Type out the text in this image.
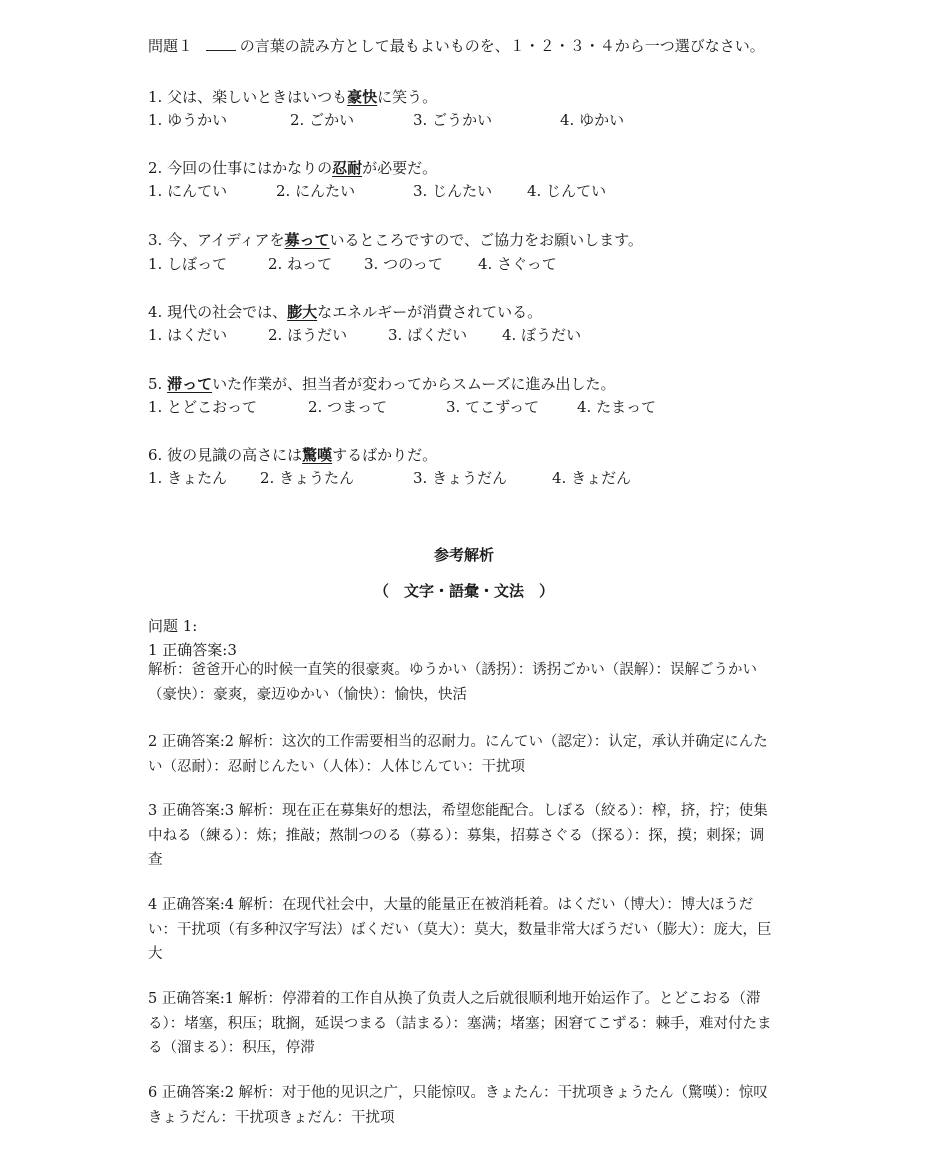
問題１	の言葉の読み方として最もよいものを、１・２・３・４から一つ選びなさい。
1. 父は、楽しいときはいつも豪快に笑う。
1. ゆうかい	2. ごかい	3. ごうかい	4. ゆかい
2. 今回の仕事にはかなりの忍耐が必要だ。
1. にんてい	2. にんたい	3. じんたい 4. じんてい
3. 今、アイディアを募っているところですので、ご協力をお願いします。
1. しぼって	2. ねって 3. つのって 4. さぐって
4. 現代の社会では、膨大なエネルギーが消費されている。
1. はくだい	2. ほうだい	3. ばくだい 4. ぼうだい
5. 滞っていた作業が、担当者が変わってからスムーズに進み出した。
1. とどこおって	2. つまって	3. てこずって	4. たまって
6. 彼の見識の高さには驚嘆するばかりだ。
1. きょたん 2. きょうたん	3. きょうだん	4. きょだん
参考解析
（　文字・語彙・文法　）
问题 1:
1 正确答案:3
解析：爸爸开心的时候一直笑的很豪爽。ゆうかい（誘拐）：诱拐ごかい（誤解）：误解ごうかい（豪快）：豪爽，豪迈ゆかい（愉快）：愉快，快活
2 正确答案:2 解析：这次的工作需要相当的忍耐力。にんてい（認定）：认定，承认并确定にんたい（忍耐）：忍耐じんたい（人体）：人体じんてい：干扰项
3 正确答案:3 解析：现在正在募集好的想法，希望您能配合。しぼる（絞る）：榨，挤，拧；使集中ねる（練る）：炼；推敲；熬制つのる（募る）：募集，招募さぐる（探る）：探，摸；刺探；调查
4 正确答案:4 解析：在现代社会中，大量的能量正在被消耗着。はくだい（博大）：博大ほうだい：干扰项（有多种汉字写法）ばくだい（莫大）：莫大，数量非常大ぼうだい（膨大）：庞大，巨大
5 正确答案:1 解析：停滞着的工作自从换了负责人之后就很顺利地开始运作了。とどこおる（滞る）：堵塞，积压；耽搁，延误つまる（詰まる）：塞满；堵塞；困窘てこずる：棘手，难对付たまる（溜まる）：积压，停滞
6 正确答案:2 解析：对于他的见识之广，只能惊叹。きょたん：干扰项きょうたん（驚嘆）：惊叹きょうだん：干扰项きょだん：干扰项
